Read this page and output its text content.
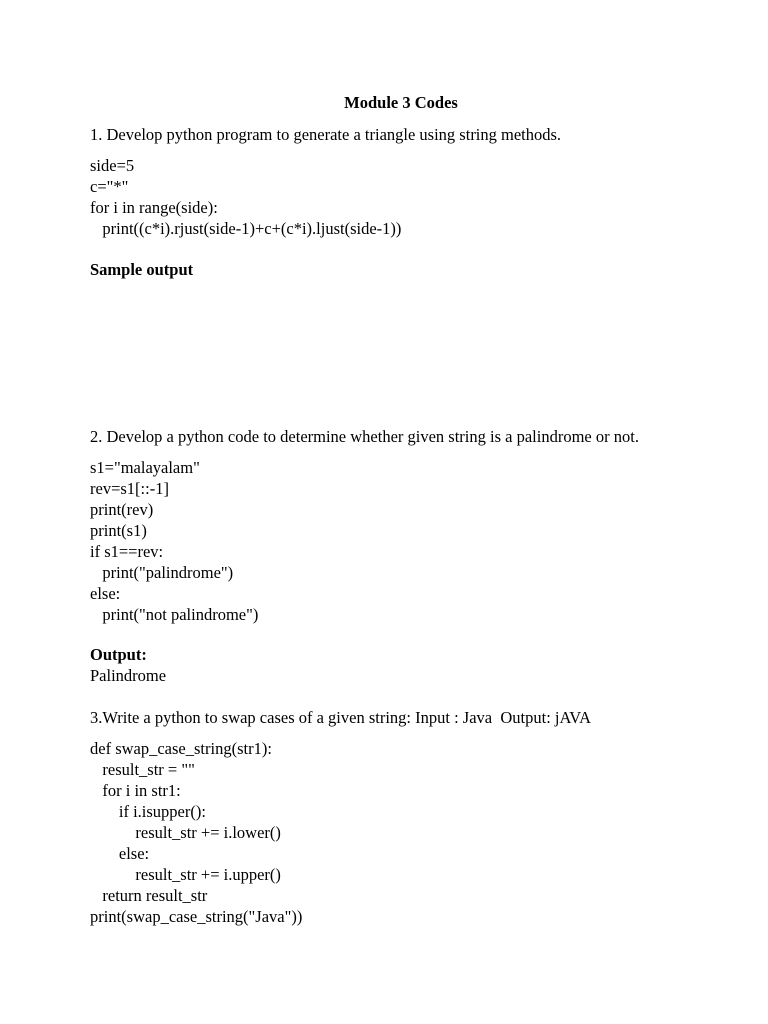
Module 3 Codes
1. Develop python program to generate a triangle using string methods.
side=5
c="*"
for i in range(side):
print((c*i).rjust(side-1)+c+(c*i).ljust(side-1))
Sample output
2. Develop a python code to determine whether given string is a palindrome or not.
s1="malayalam"
rev=s1[::-1]
print(rev)
print(s1)
if s1==rev:
print("palindrome")
else:
print("not palindrome")
Output:
Palindrome
3.Write a python to swap cases of a given string: Input : Java  Output: jAVA
def swap_case_string(str1):
result_str = ""
for i in str1:
if i.isupper():
result_str += i.lower()
else:
result_str += i.upper()
return result_str
print(swap_case_string("Java"))
